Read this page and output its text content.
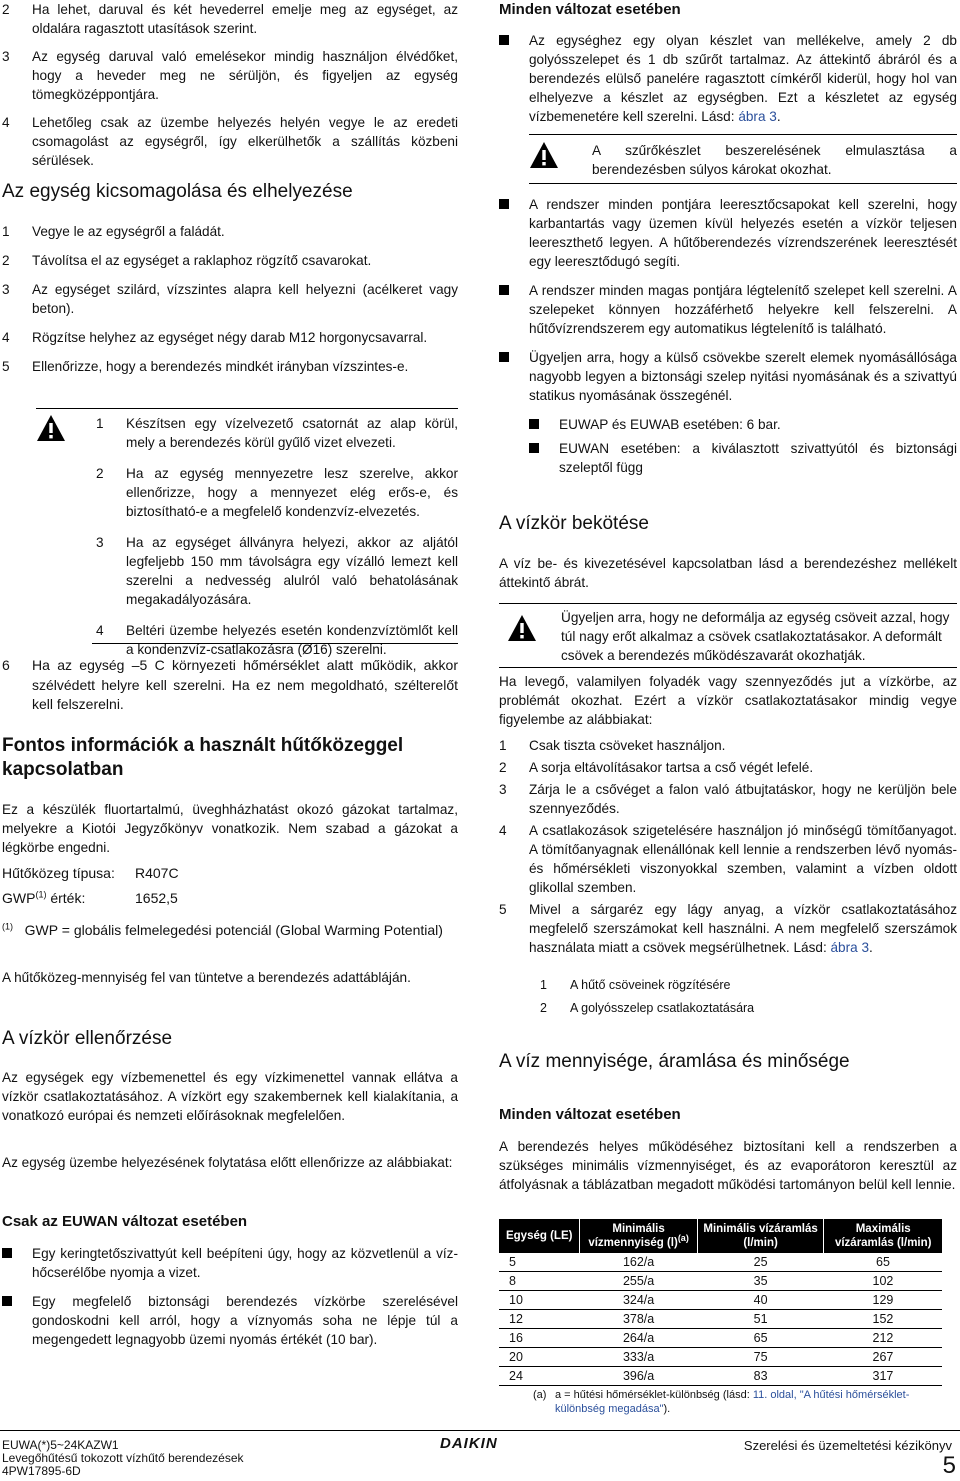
2	Ha lehet, daruval és két hevederrel emelje meg az egységet, az oldalára ragasztott utasítások szerint.
3	Az egység daruval való emelésekor mindig használjon élvédőket, hogy a heveder meg ne sérüljön, és figyeljen az egység tömegközéppontjára.
4	Lehetőleg csak az üzembe helyezés helyén vegye le az eredeti csomagolást az egységről, így elkerülhetők a szállítás közbeni sérülések.
Az egység kicsomagolása és elhelyezése
1	Vegye le az egységről a faládát.
2	Távolítsa el az egységet a raklaphoz rögzítő csavarokat.
3	Az egységet szilárd, vízszintes alapra kell helyezni (acélkeret vagy beton).
4	Rögzítse helyhez az egységet négy darab M12 horgonycsavarral.
5	Ellenőrizze, hogy a berendezés mindkét irányban vízszintes-e.
1	Készítsen egy vízelvezető csatornát az alap körül, mely a berendezés körül gyűlő vizet elvezeti.
2	Ha az egység mennyezetre lesz szerelve, akkor ellenőrizze, hogy a mennyezet elég erős-e, és biztosítható-e a megfelelő kondenzvíz-elvezetés.
3	Ha az egységet állványra helyezi, akkor az aljától legfeljebb 150 mm távolságra egy vízálló lemezt kell szerelni a nedvesség alulról való behatolásának megakadályozására.
4	Beltéri üzembe helyezés esetén kondenzvíztömlőt kell a kondenzvíz-csatlakozásra (Ø16) szerelni.
6	Ha az egység –5 C környezeti hőmérséklet alatt működik, akkor szélvédett helyre kell szerelni. Ha ez nem megoldható, szélterelőt kell felszerelni.
Fontos információk a használt hűtőközeggel kapcsolatban

Ez a készülék fluortartalmú, üveghházhatást okozó gázokat tartalmaz, melyekre a Kiotói Jegyzőkönyv vonatkozik. Nem szabad a gázokat a légkörbe engedni.

Hűtőközeg típusa: R407C
GWP$^{(1)}$ érték:	1652,5

$^{(1)}$ GWP = globális felmelegedési potenciál (Global Warming Potential)

A hűtőközeg-mennyiség fel van tüntetve a berendezés adattábláján.

A vízkör ellenőrzése

Az egységek egy vízbemenettel és egy vízkimenettel vannak ellátva a vízkör csatlakoztatásához. A vízkört egy szakembernek kell kialakítania, a vonatkozó európai és nemzeti előírásoknak megfelelően.

Az egység üzembe helyezésének folytatása előtt ellenőrizze az alábbiakat:

Csak az EUWAN változat esetében
Egy keringtetőszivattyút kell beépíteni úgy, hogy az közvetlenül a víz-hőcserélőbe nyomja a vizet.
Egy megfelelő biztonsági berendezés vízkörbe szerelésével gondoskodni kell arról, hogy a víznyomás soha ne lépje túl a megengedett legnagyobb üzemi nyomás értékét (10 bar).
Minden változat esetében
Az egységhez egy olyan készlet van mellékelve, amely 2 db golyósszelepet és 1 db szűrőt tartalmaz. Az áttekintő ábráról és a berendezés elülső panelére ragasztott címkéről kiderül, hogy hol van elhelyezve a készlet az egységben. Ezt a készletet az egység vízbemenetére kell szerelni. Lásd: ábra 3.

A szűrőkészlet beszerelésének elmulasztása a berendezésben súlyos károkat okozhat.

A rendszer minden pontjára leeresztőcsapokat kell szerelni, hogy karbantartás vagy üzemen kívül helyezés esetén a vízkör teljesen leereszthető legyen. A hűtőberendezés vízrendszerének leeresztését egy leeresztődugó segíti.
A rendszer minden magas pontjára légtelenítő szelepet kell szerelni. A szelepeket könnyen hozzáférhető helyekre kell felszerelni. A hűtővízrendszerem egy automatikus légtelenítő is található.
Ügyeljen arra, hogy a külső csövekbe szerelt elemek nyomásállósága nagyobb legyen a biztonsági szelep nyitási nyomásának és a szivattyú statikus nyomásának összegénél.
EUWAP és EUWAB esetében: 6 bar.
EUWAN esetében: a kiválasztott szivattyútól és biztonsági szeleptől függ
A vízkör bekötése

A víz be- és kivezetésével kapcsolatban lásd a berendezéshez mellékelt áttekintő ábrát.

Ügyeljen arra, hogy ne deformálja az egység csöveit azzal, hogy túl nagy erőt alkalmaz a csövek csatlakoztatásakor. A deformált csövek a berendezés működészavarát okozhatják.

Ha levegő, valamilyen folyadék vagy szennyeződés jut a vízkörbe, az problémát okozhat. Ezért a vízkör csatlakoztatásakor mindig vegye figyelembe az alábbiakat:

1	Csak tiszta csöveket használjon.
2	A sorja eltávolításakor tartsa a cső végét lefelé.
3	Zárja le a csővéget a falon való átbujtatáskor, hogy ne kerüljön bele szennyeződés.
4	A csatlakozások szigetelésére használjon jó minőségű tömítőanyagot. A tömítőanyagnak ellenállónak kell lennie a rendszerben lévő nyomás- és hőmérsékleti viszonyokkal szemben, valamint a vízben oldott glikollal szemben.
5	Mivel a sárgaréz egy lágy anyag, a vízkör csatlakoztatásához megfelelő szerszámokat kell használni. A nem megfelelő szerszámok használata miatt a csövek megsérülhetnek. Lásd: ábra 3.
1	A hűtő csöveinek rögzítésére
2	A golyósszelep csatlakoztatására
A víz mennyisége, áramlása és minősége
Minden változat esetében

A berendezés helyes működéséhez biztosítani kell a rendszerben a szükséges minimális vízmennyiséget, és az evaporátoron keresztül az átfolyásnak a táblázatban megadott működési tartományon belül kell lennie.

Egység (LE)	Minimális vízmennyiség $(l)^{(a)}$	Minimális vízáramlás (l/min)	Maximális vízáramlás (l/min)
5	162/a	25	65
8	255/a	35	102
10	324/a	40	129
12	378/a	51	152
16	264/a	65	212
20	333/a	75	267
24	396/a	83	317
(a) a = hűtési hőmérséklet-különbség (lásd: 11. oldal, "A hűtési hőmérséklet-különbség megadása").
EUWA(*)5~24KAZW1
Levegőhűtésű tokozott vízhűtő berendezések
4PW17895-6D
DAIKIN	Szerelési és üzemeltetési kézikönyv
5
